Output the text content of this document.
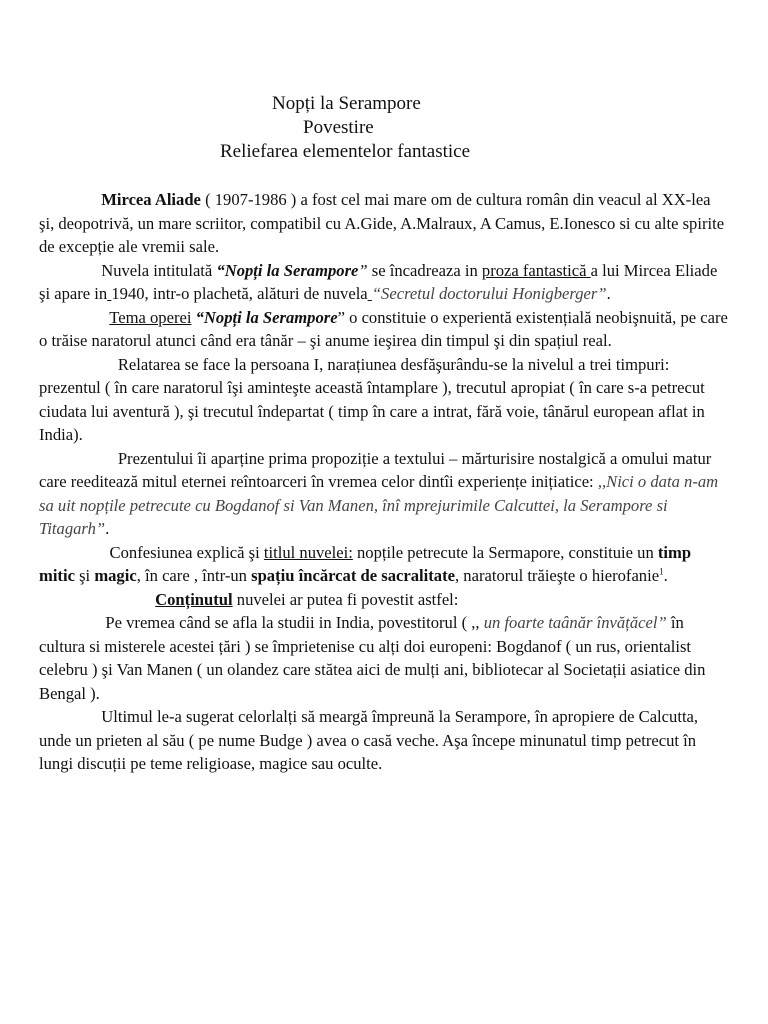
Nopți la Serampore
Povestire
Reliefarea elementelor fantastice

Mircea Aliade ( 1907-1986 ) a fost cel mai mare om de cultura român din veacul al XX-lea şi, deopotrivă, un mare scriitor, compatibil cu A.Gide, A.Malraux, A Camus, E.Ionesco si cu alte spirite de excepție ale vremii sale.

Nuvela intitulată “Nopți la Serampore” se încadreaza in proza fantastică a lui Mircea Eliade şi apare in 1940, intr-o plachetă, alături de nuvela “Secretul doctorului Honigberger”.

Tema operei “Nopți la Serampore” o constituie o experientă existențială neobişnuită, pe care o trăise naratorul atunci când era tânăr – şi anume ieşirea din timpul şi din spațiul real.

Relatarea se face la persoana I, narațiunea desfăşurându-se la nivelul a trei timpuri: prezentul ( în care naratorul îşi aminteşte această întamplare ), trecutul apropiat ( în care s-a petrecut ciudata lui aventură ), şi trecutul îndepartat ( timp în care a intrat, fără voie, tânărul european aflat in India).

Prezentului îi aparține prima propoziție a textului – mărturisire nostalgică a omului matur care reeditează mitul eternei reîntoarceri în vremea celor dintîi experiențe inițiatice: ,,Nici o data n-am sa uit nopțile petrecute cu Bogdanof si Van Manen, înî mprejurimile Calcuttei, la Serampore si Titagarh”.

Confesiunea explică şi titlul nuvelei: nopțile petrecute la Sermapore, constituie un timp mitic şi magic, în care , într-un spațiu încărcat de sacralitate, naratorul trăieşte o hierofanie$^1$.

Conținutul nuvelei ar putea fi povestit astfel:

Pe vremea când se afla la studii in India, povestitorul ( ,, un foarte taânăr învățăcel” în cultura si misterele acestei țări ) se împrietenise cu alți doi europeni: Bogdanof ( un rus, orientalist celebru ) şi Van Manen ( un olandez care stătea aici de mulți ani, bibliotecar al Societații asiatice din Bengal ).

Ultimul le-a sugerat celorlalți să meargă împreună la Serampore, în apropiere de Calcutta, unde un prieten al său ( pe nume Budge ) avea o casă veche. Aşa începe minunatul timp petrecut în lungi discuții pe teme religioase, magice sau oculte.
